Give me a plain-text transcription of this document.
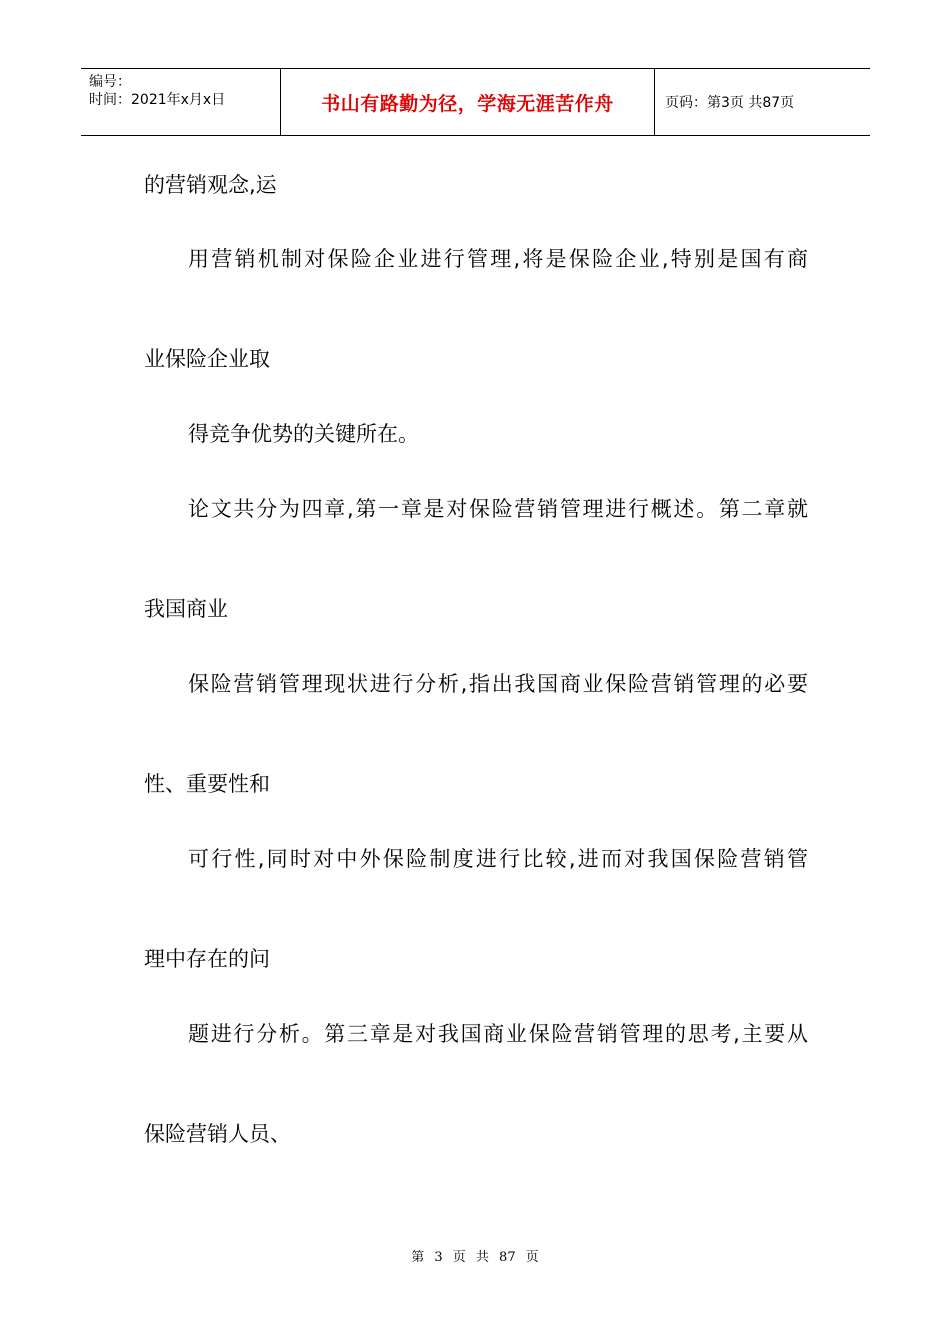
编号：
时间：2021年x月x日	书山有路勤为径，学海无涯苦作舟	页码：第3页 共87页
的营销观念,运
用营销机制对保险企业进行管理,将是保险企业,特别是国有商
业保险企业取
得竞争优势的关键所在。
论文共分为四章,第一章是对保险营销管理进行概述。第二章就
我国商业
保险营销管理现状进行分析,指出我国商业保险营销管理的必要
性、重要性和
可行性,同时对中外保险制度进行比较,进而对我国保险营销管
理中存在的问
题进行分析。第三章是对我国商业保险营销管理的思考,主要从
保险营销人员、
第 3 页 共 87 页
